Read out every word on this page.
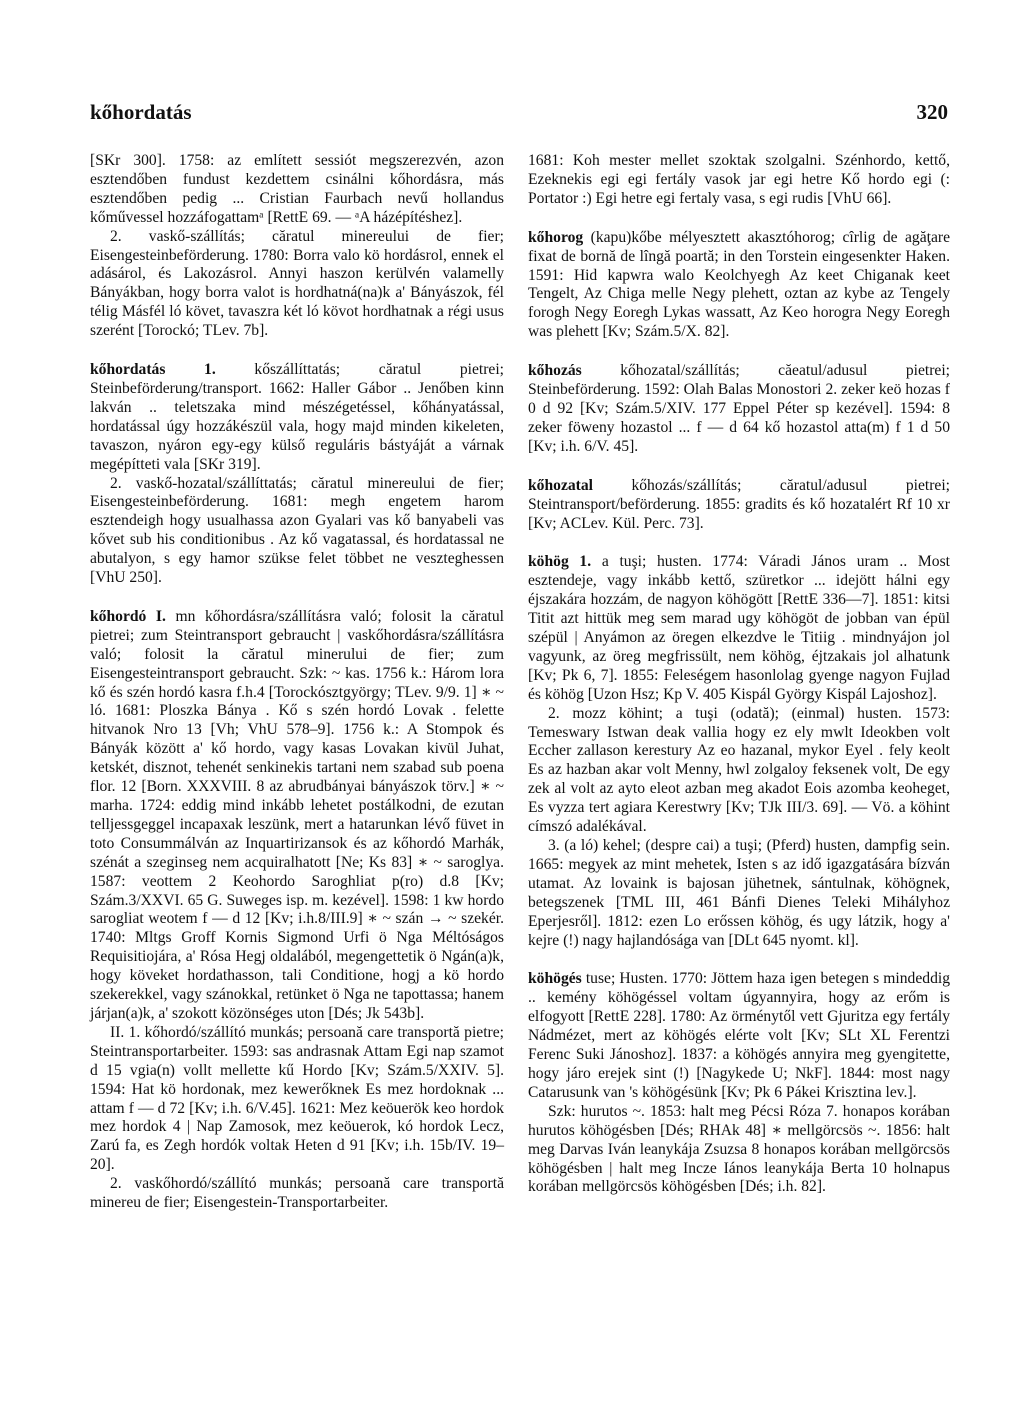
kőhordatás	320

[SKr 300]. 1758: az említett sessiót megszerezvén, azon esztendőben fundust kezdettem csinálni kőhordásra, más esztendőben pedig ... Cristian Faurbach nevű hollandus kőművessel hozzáfogattamᵃ [RettE 69. — ᵃA házépítéshez].

2. vaskő-szállítás; căratul minereului de fier; Eisengesteinbeförderung. 1780: Borra valo kö hordásrol, ennek el adásárol, és Lakozásrol. Annyi haszon kerülvén valamelly Bányákban, hogy borra valot is hordhatná(na)k a' Bányászok, fél télig Másfél ló követ, tavaszra két ló kövot hordhatnak a régi usus szerént [Torockó; TLev. 7b].

kőhordatás 1. kőszállíttatás; căratul pietrei; Steinbeförderung/transport. 1662: Haller Gábor .. Jenőben kinn lakván .. teletszaka mind mészégetéssel, kőhányatással, hordatással úgy hozzákészül vala, hogy majd minden kikeleten, tavaszon, nyáron egy-egy külső reguláris bástyáját a várnak megépítteti vala [SKr 319].

2. vaskő-hozatal/szállíttatás; căratul minereului de fier; Eisengesteinbeförderung. 1681: megh engetem harom esztendeigh hogy usualhassa azon Gyalari vas kő banyabeli vas kővet sub his conditionibus . Az kő vagatassal, és hordatassal ne abutalyon, s egy hamor szükse felet többet ne veszteghessen [VhU 250].

kőhordó I. mn kőhordásra/szállításra való; folosit la căratul pietrei; zum Steintransport gebraucht | vaskőhordásra/szállításra való; folosit la căratul minerului de fier; zum Eisengesteintransport gebraucht. Szk: ~ kas. 1756 k.: Három lora kő és szén hordó kasra f.h.4 [Torockósztgyörgy; TLev. 9/9. 1] ∗ ~ ló. 1681: Ploszka Bánya . Kő s szén hordó Lovak . felette hitvanok Nro 13 [Vh; VhU 578–9]. 1756 k.: A Stompok és Bányák között a' kő hordo, vagy kasas Lovakan kivül Juhat, ketskét, disznot, tehenét senkinekis tartani nem szabad sub poena flor. 12 [Born. XXXVIII. 8 az abrudbányai bányászok törv.] ∗ ~ marha. 1724: eddig mind inkább lehetet postálkodni, de ezutan telljessgeggel incapaxak leszünk, mert a hatarunkan lévő füvet in toto Consummálván az Inquartirizansok és az kőhordó Marhák, szénát a szeginseg nem acquiralhatott [Ne; Ks 83] ∗ ~ saroglya. 1587: veottem 2 Keohordo Saroghliat p(ro) d.8 [Kv; Szám.3/XXVI. 65 G. Suweges isp. m. kezével]. 1598: 1 kw hordo sarogliat weotem f — d 12 [Kv; i.h.8/III.9] ∗ ~ szán → ~ szekér. 1740: Mltgs Groff Kornis Sigmond Urfi ö Nga Méltóságos Requisitiojára, a' Rósa Hegj oldalából, megengettetik ö Ngán(a)k, hogy köveket hordathasson, tali Conditione, hogj a kö hordo szekerekkel, vagy szánokkal, retünket ö Nga ne tapottassa; hanem járjan(a)k, a' szokott közönséges uton [Dés; Jk 543b].

II. 1. kőhordó/szállító munkás; persoană care transportă pietre; Steintransportarbeiter. 1593: sas andrasnak Attam Egi nap szamot d 15 vgia(n) vollt mellette kű Hordo [Kv; Szám.5/XXIV. 5]. 1594: Hat kö hordonak, mez kewerőknek Es mez hordoknak ... attam f — d 72 [Kv; i.h. 6/V.45]. 1621: Mez keöuerök keo hordok mez hordok 4 | Nap Zamosok, mez keöuerok, kó hordok Lecz, Zarú fa, es Zegh hordók voltak Heten d 91 [Kv; i.h. 15b/IV. 19–20].

2. vaskőhordó/szállító munkás; persoană care transportă minereu de fier; Eisengestein-Transportarbeiter.

1681: Koh mester mellet szoktak szolgalni. Szénhordo, kettő, Ezeknekis egi egi fertály vasok jar egi hetre Kő hordo egi (: Portator :) Egi hetre egi fertaly vasa, s egi rudis [VhU 66].

kőhorog (kapu)kőbe mélyesztett akasztóhorog; cîrlig de agăţare fixat de bornă de lîngă poartă; in den Torstein eingesenkter Haken. 1591: Hid kapwra walo Keolchyegh Az keet Chiganak keet Tengelt, Az Chiga melle Negy plehett, oztan az kybe az Tengely forogh Negy Eoregh Lykas wassatt, Az Keo horogra Negy Eoregh was plehett [Kv; Szám.5/X. 82].

kőhozás kőhozatal/szállítás; căeatul/adusul pietrei; Steinbeförderung. 1592: Olah Balas Monostori 2. zeker keö hozas f 0 d 92 [Kv; Szám.5/XIV. 177 Eppel Péter sp kezével]. 1594: 8 zeker föweny hozastol ... f — d 64 kő hozastol atta(m) f 1 d 50 [Kv; i.h. 6/V. 45].

kőhozatal kőhozás/szállítás; căratul/adusul pietrei; Steintransport/beförderung. 1855: gradits és kő hozatalért Rf 10 xr [Kv; ACLev. Kül. Perc. 73].

köhög 1. a tuşi; husten. 1774: Váradi János uram .. Most esztendeje, vagy inkább kettő, szüretkor ... idejött hálni egy éjszakára hozzám, de nagyon köhögött [RettE 336—7]. 1851: kitsi Titit azt hittük meg sem marad ugy köhögöt de jobban van épül szépül | Anyámon az öregen elkezdve le Titiig . mindnyájon jol vagyunk, az öreg megfrissült, nem köhög, éjtzakais jol alhatunk [Kv; Pk 6, 7]. 1855: Feleségem hasonlolag gyenge nagyon Fujlad és köhög [Uzon Hsz; Kp V. 405 Kispál György Kispál Lajoshoz].

2. mozz köhint; a tuşi (odată); (einmal) husten. 1573: Temeswary Istwan deak vallia hogy ez ely mwlt Ideokben volt Eccher zallason kerestury Az eo hazanal, mykor Eyel . fely keolt Es az hazban akar volt Menny, hwl zolgaloy feksenek volt, De egy zek al volt az ayto eleot azban meg akadot Eois azomba keoheget, Es vyzza tert agiara Kerestwry [Kv; TJk III/3. 69]. — Vö. a köhint címszó adalékával.

3. (a ló) kehel; (despre cai) a tuşi; (Pferd) husten, dampfig sein. 1665: megyek az mint mehetek, Isten s az idő igazgatására bízván utamat. Az lovaink is bajosan jühetnek, sántulnak, köhögnek, betegszenek [TML III, 461 Bánfi Dienes Teleki Mihályhoz Eperjesről]. 1812: ezen Lo erőssen köhög, és ugy látzik, hogy a' kejre (!) nagy hajlandósága van [DLt 645 nyomt. kl].

köhögés tuse; Husten. 1770: Jöttem haza igen betegen s mindeddig .. kemény köhögéssel voltam úgyannyira, hogy az erőm is elfogyott [RettE 228]. 1780: Az örménytől vett Gjuritza egy fertály Nádmézet, mert az köhögés elérte volt [Kv; SLt XL Ferentzi Ferenc Suki Jánoshoz]. 1837: a köhögés annyira meg gyengitette, hogy járo erejek sint (!) [Nagykede U; NkF]. 1844: most nagy Catarusunk van 's köhögésünk [Kv; Pk 6 Pákei Krisztina lev.].

Szk: hurutos ~. 1853: halt meg Pécsi Róza 7. honapos korában hurutos köhögésben [Dés; RHAk 48] ∗ mellgörcsös ~. 1856: halt meg Darvas Iván leanykája Zsuzsa 8 honapos korában mellgörcsös köhögésben | halt meg Incze Iános leanykája Berta 10 holnapus korában mellgörcsös köhögésben [Dés; i.h. 82].
